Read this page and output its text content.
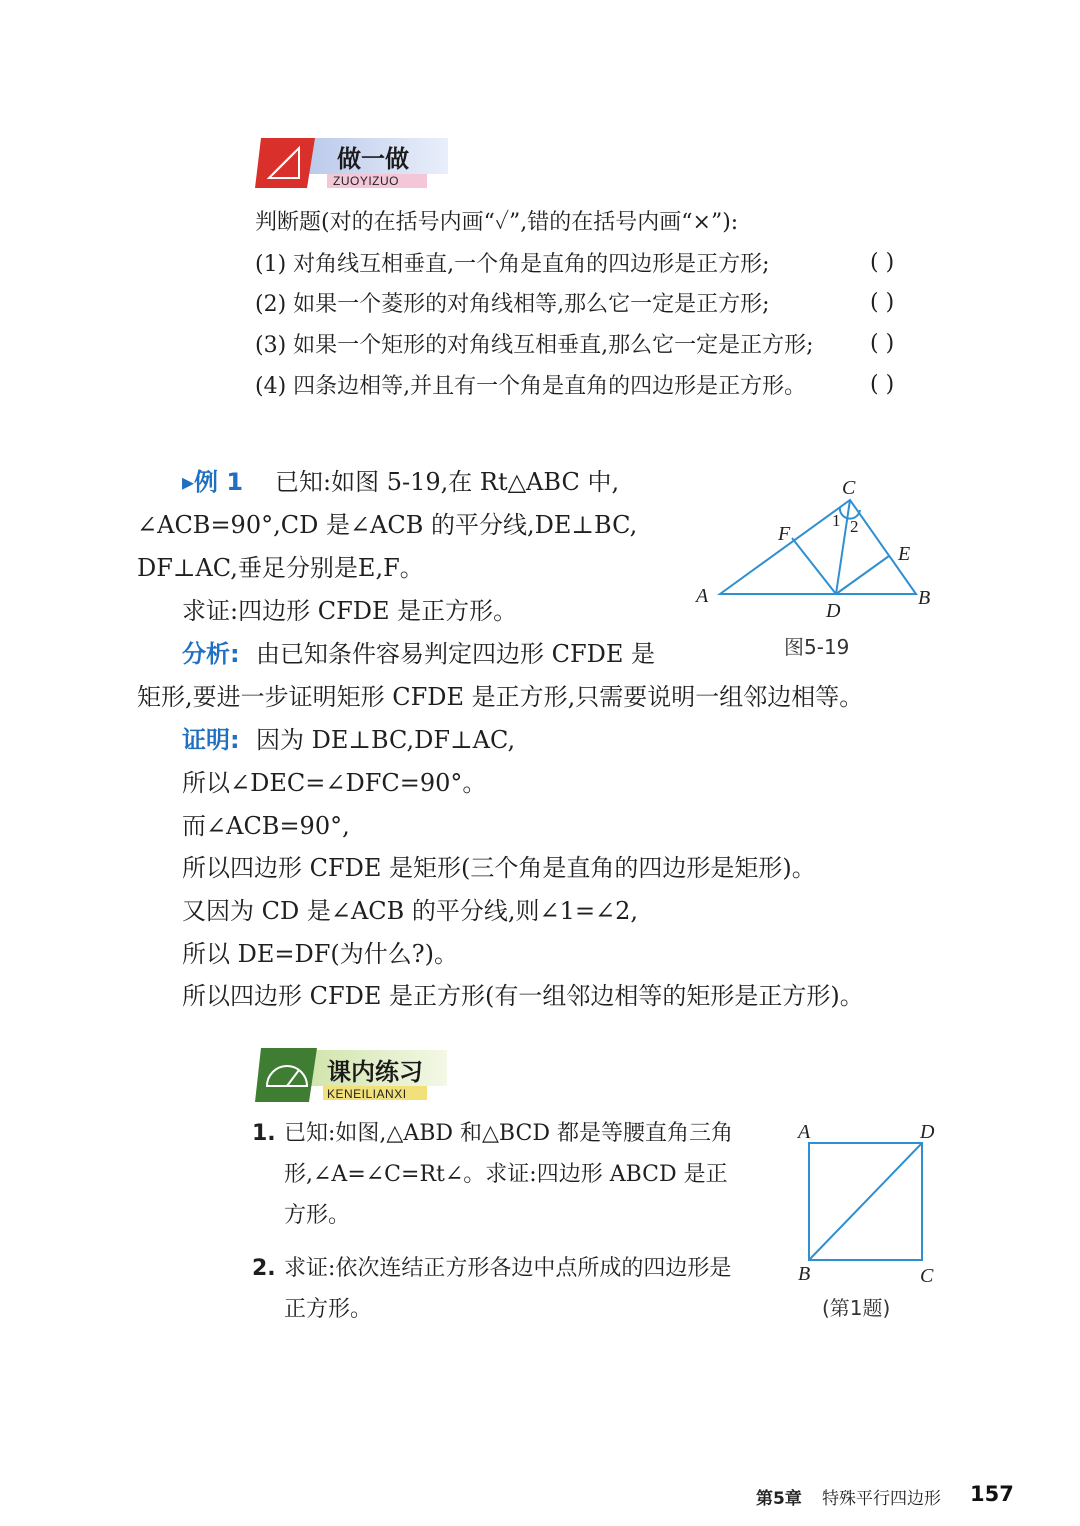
做一做
ZUOYIZUO
判断题(对的在括号内画“✓”,错的在括号内画“×”):
(1) 对角线互相垂直,一个角是直角的四边形是正方形;	( )
(2) 如果一个菱形的对角线相等,那么它一定是正方形;	( )
(3) 如果一个矩形的对角线互相垂直,那么它一定是正方形;	( )
(4) 四条边相等,并且有一个角是直角的四边形是正方形。	( )
▸例 1 已知:如图 5-19,在 Rt△ABC 中,
∠ACB=90°,CD 是∠ACB 的平分线,DE⊥BC,
DF⊥AC,垂足分别是E,F。
求证:四边形 CFDE 是正方形。
分析: 由已知条件容易判定四边形 CFDE 是
矩形,要进一步证明矩形 CFDE 是正方形,只需要说明一组邻边相等。
证明: 因为 DE⊥BC,DF⊥AC,
所以∠DEC=∠DFC=90°。
而∠ACB=90°,
所以四边形 CFDE 是矩形(三个角是直角的四边形是矩形)。
又因为 CD 是∠ACB 的平分线,则∠1=∠2,
所以 DE=DF(为什么?)。
所以四边形 CFDE 是正方形(有一组邻边相等的矩形是正方形)。
C
F
E
A
D
B
1 2
图5-19
课内练习
KENEILIANXI
1. 已知:如图,△ABD 和△BCD 都是等腰直角三角
形,∠A=∠C=Rt∠。求证:四边形 ABCD 是正
方形。
2. 求证:依次连结正方形各边中点所成的四边形是
正方形。
A	D
B	C
(第1题)
第5章 特殊平行四边形 157
